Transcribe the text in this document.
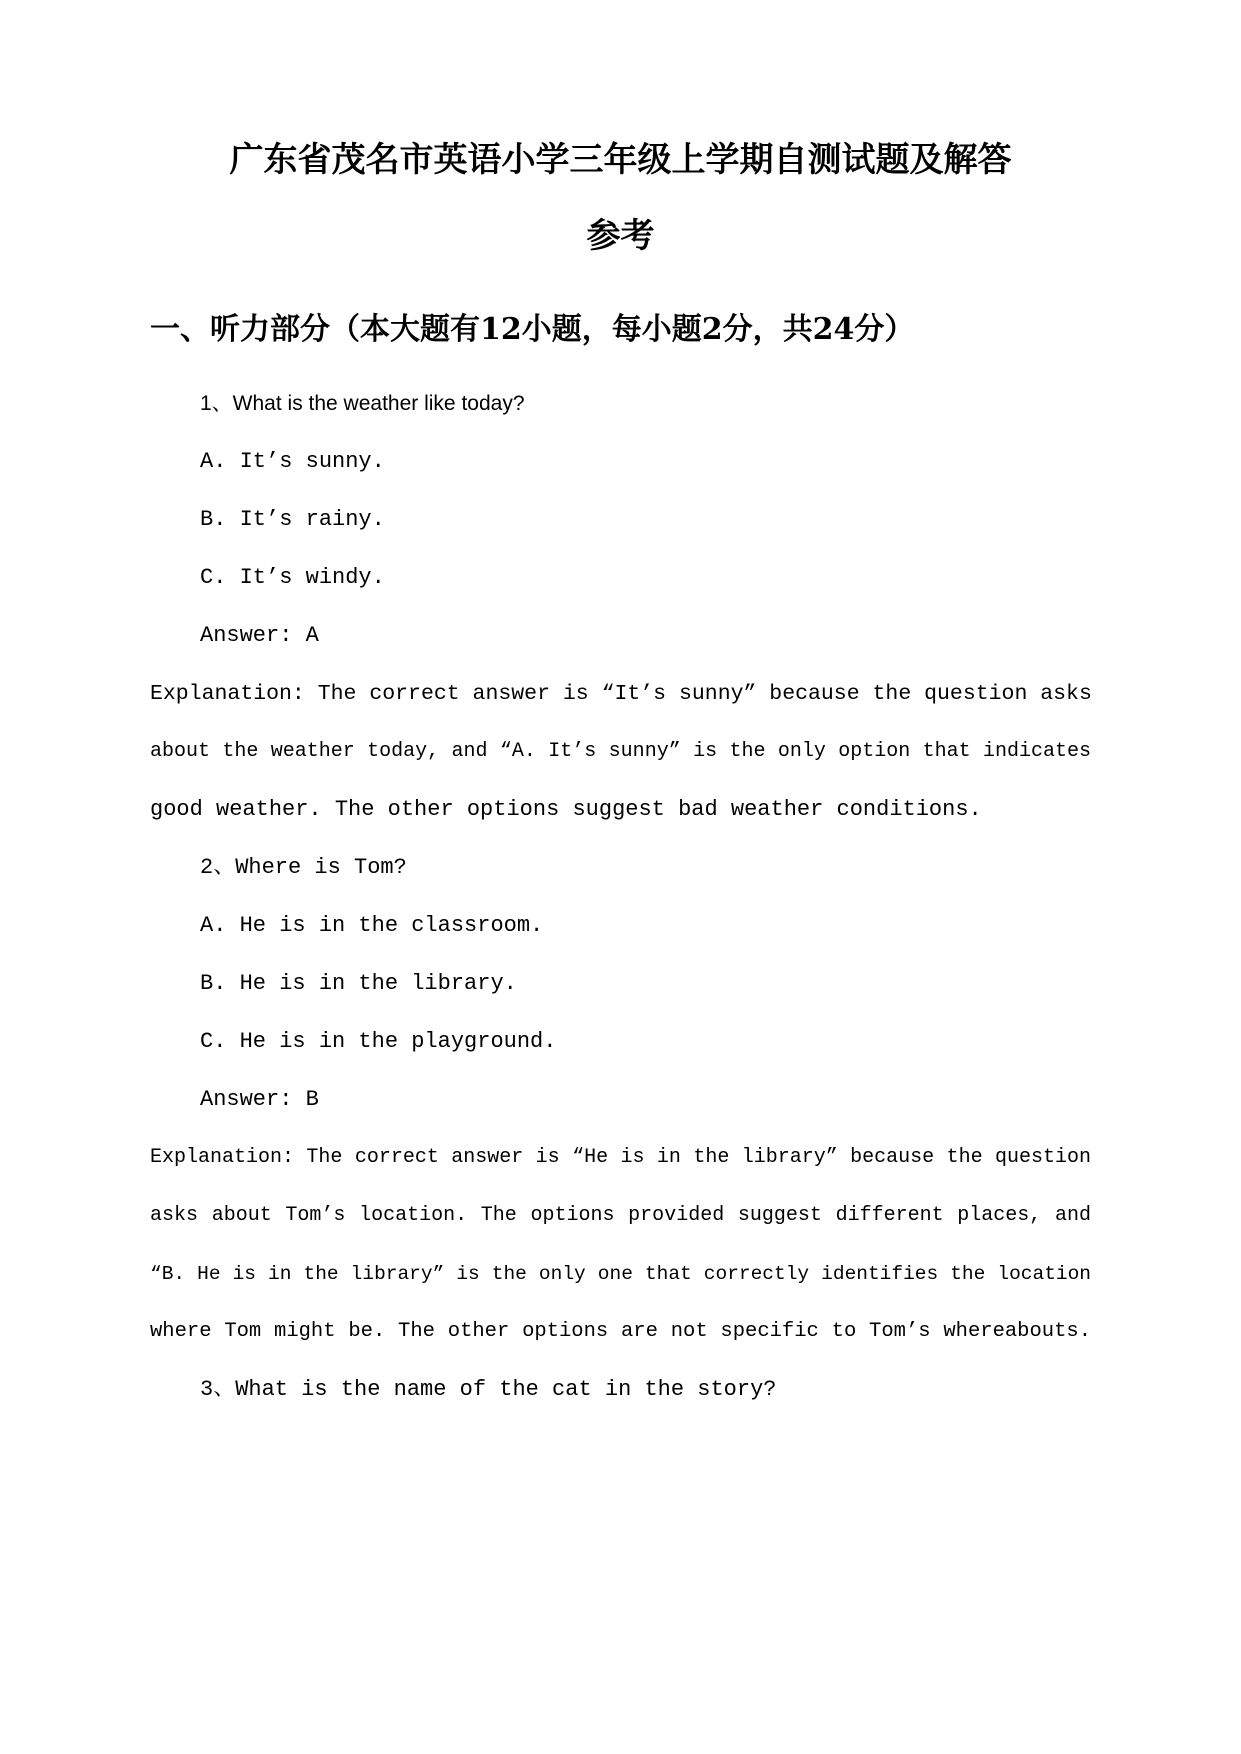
广东省茂名市英语小学三年级上学期自测试题及解答
参考
一、听力部分（本大题有12小题，每小题2分，共24分）
1、What is the weather like today?
A. It’s sunny.
B. It’s rainy.
C. It’s windy.
Answer: A
Explanation: The correct answer is “It’s sunny” because the question asks
about the weather today, and “A. It’s sunny” is the only option that indicates
good weather. The other options suggest bad weather conditions.
2、Where is Tom?
A. He is in the classroom.
B. He is in the library.
C. He is in the playground.
Answer: B
Explanation: The correct answer is “He is in the library” because the question
asks about Tom’s location. The options provided suggest different places, and
“B. He is in the library” is the only one that correctly identifies the location
where Tom might be. The other options are not specific to Tom’s whereabouts.
3、What is the name of the cat in the story?
